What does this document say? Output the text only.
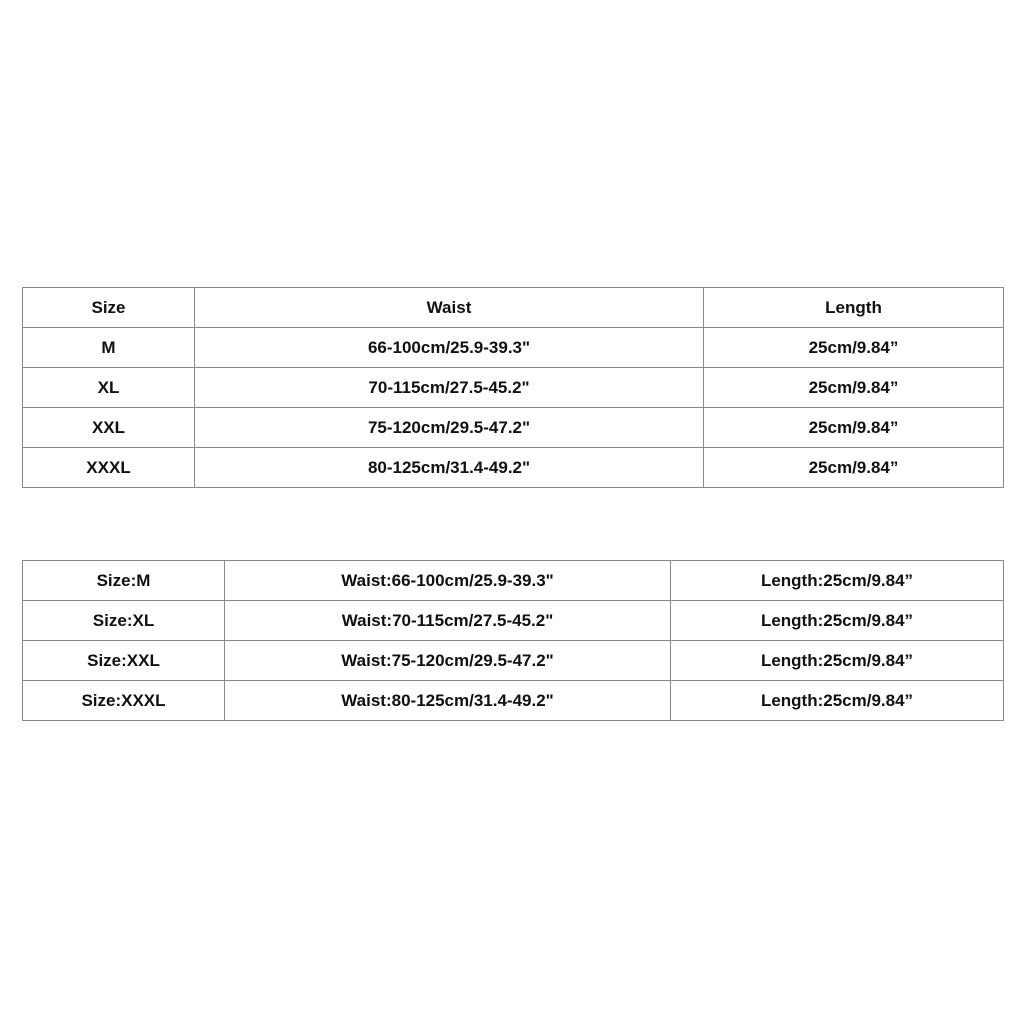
Size	Waist	Length
M	66-100cm/25.9-39.3"	25cm/9.84”
XL	70-115cm/27.5-45.2"	25cm/9.84”
XXL	75-120cm/29.5-47.2"	25cm/9.84”
XXXL	80-125cm/31.4-49.2"	25cm/9.84”
Size:M	Waist:66-100cm/25.9-39.3"	Length:25cm/9.84”
Size:XL	Waist:70-115cm/27.5-45.2"	Length:25cm/9.84”
Size:XXL	Waist:75-120cm/29.5-47.2"	Length:25cm/9.84”
Size:XXXL	Waist:80-125cm/31.4-49.2"	Length:25cm/9.84”
